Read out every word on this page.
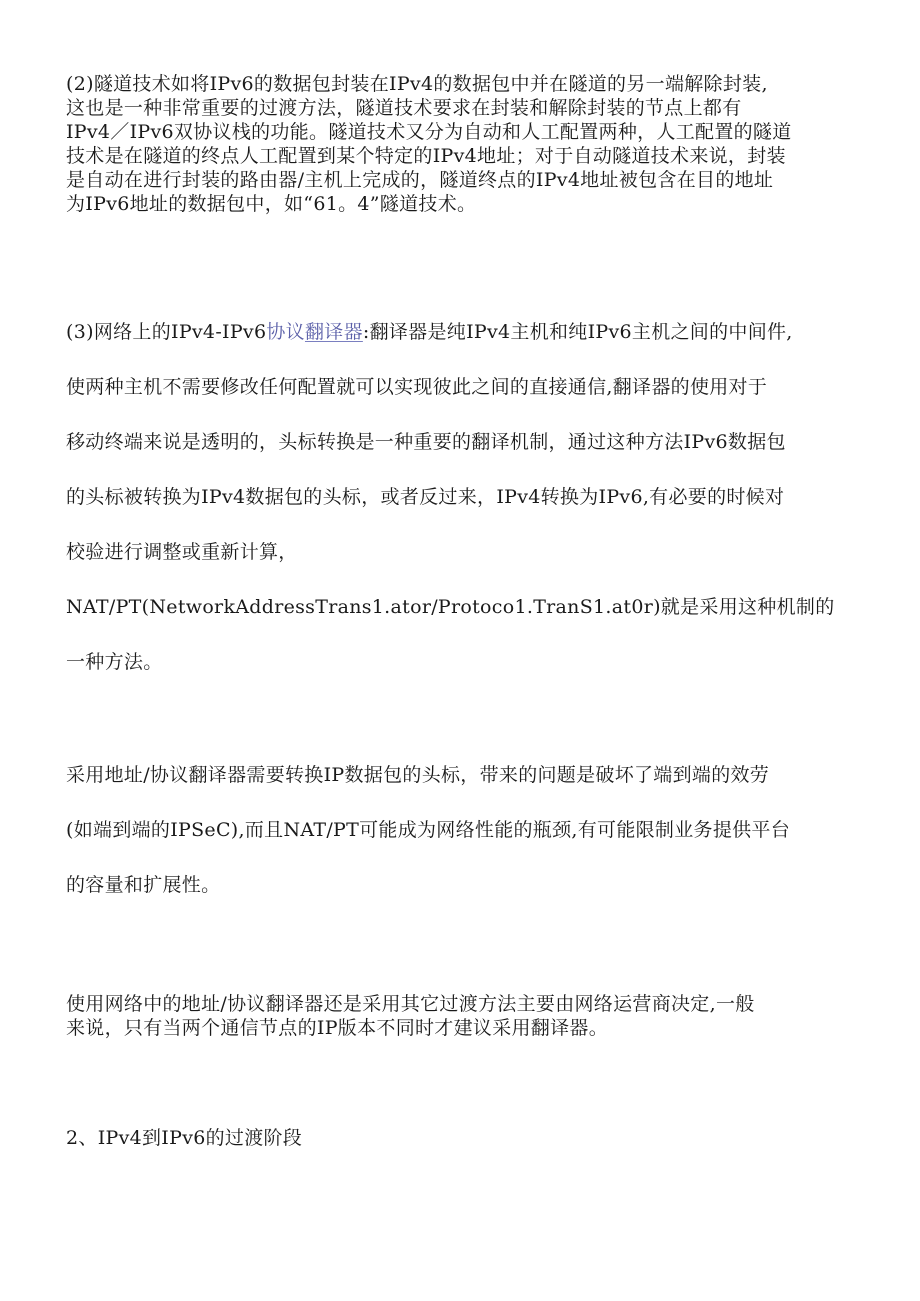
(2)隧道技术如将IPv6的数据包封装在IPv4的数据包中并在隧道的另一端解除封装,
这也是一种非常重要的过渡方法，隧道技术要求在封装和解除封装的节点上都有
IPv4／IPv6双协议栈的功能。隧道技术又分为自动和人工配置两种，人工配置的隧道
技术是在隧道的终点人工配置到某个特定的IPv4地址；对于自动隧道技术来说，封装
是自动在进行封装的路由器/主机上完成的，隧道终点的IPv4地址被包含在目的地址
为IPv6地址的数据包中，如“61。4”隧道技术。
(3)网络上的IPv4-IPv6协议翻译器:翻译器是纯IPv4主机和纯IPv6主机之间的中间件,
使两种主机不需要修改任何配置就可以实现彼此之间的直接通信,翻译器的使用对于
移动终端来说是透明的，头标转换是一种重要的翻译机制，通过这种方法IPv6数据包
的头标被转换为IPv4数据包的头标，或者反过来，IPv4转换为IPv6,有必要的时候对
校验进行调整或重新计算，
NAT/PT(NetworkAddressTrans1.ator/Protoco1.TranS1.at0r)就是采用这种机制的
一种方法。
采用地址/协议翻译器需要转换IP数据包的头标，带来的问题是破坏了端到端的效劳
(如端到端的IPSeC),而且NAT/PT可能成为网络性能的瓶颈,有可能限制业务提供平台
的容量和扩展性。
使用网络中的地址/协议翻译器还是采用其它过渡方法主要由网络运营商决定,一般
来说，只有当两个通信节点的IP版本不同时才建议采用翻译器。
2、IPv4到IPv6的过渡阶段
